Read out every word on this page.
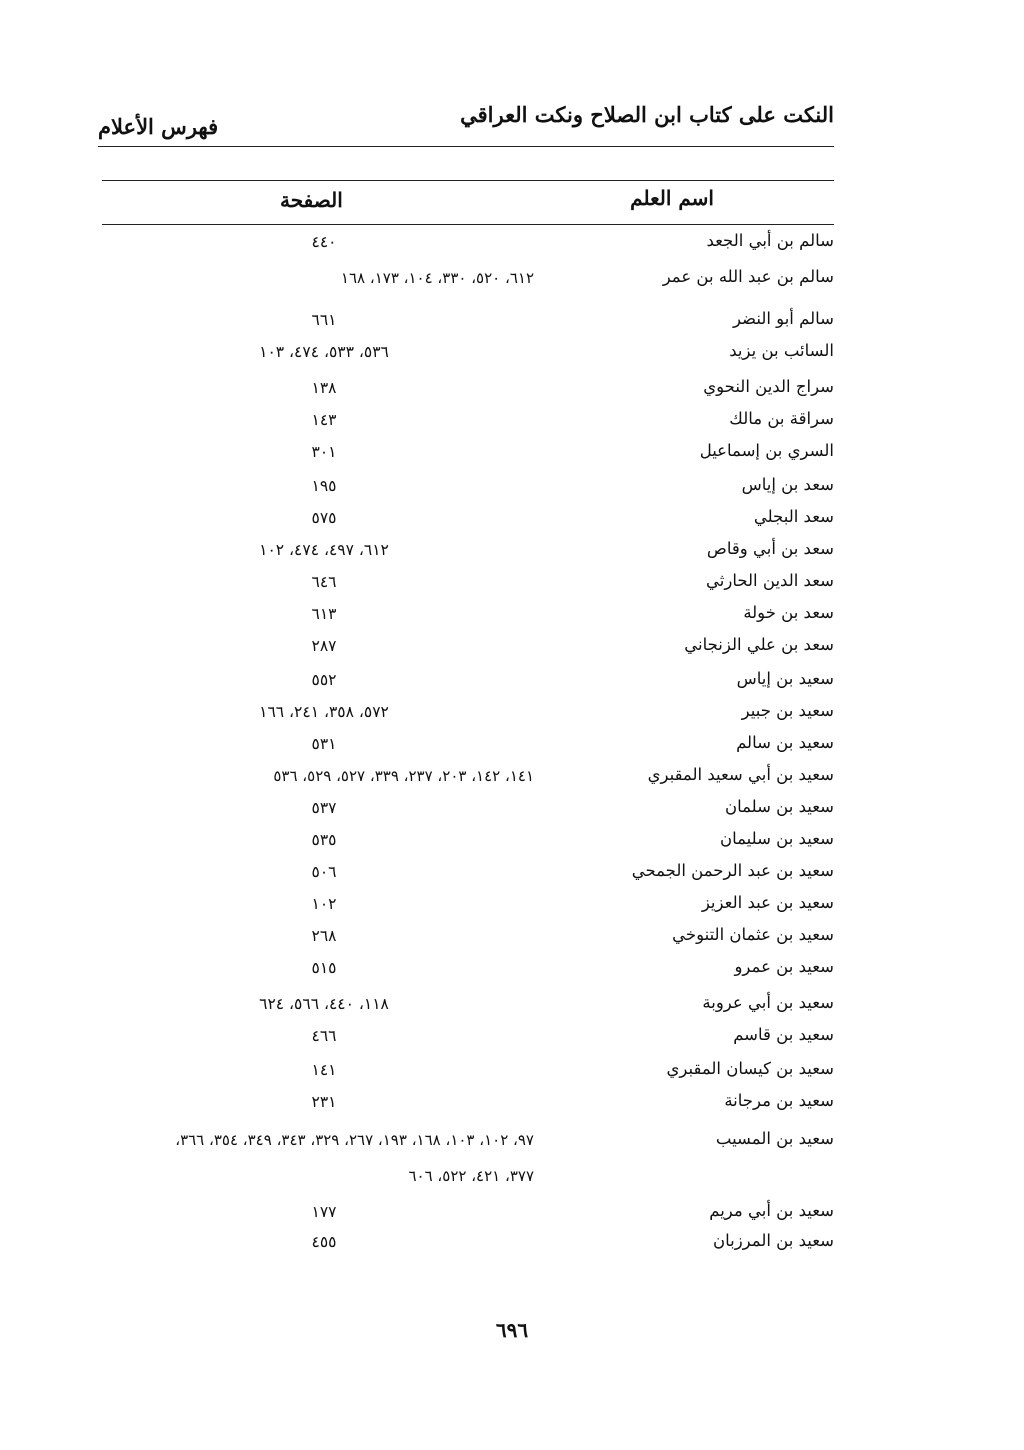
النكت على كتاب ابن الصلاح ونكت العراقي
فهرس الأعلام
اسم العلم
الصفحة
سالم بن أبي الجعد
٤٤٠
سالم بن عبد الله بن عمر
٦١٢، ٥٢٠، ٣٣٠، ١٠٤، ١٧٣، ١٦٨
سالم أبو النضر
٦٦١
السائب بن يزيد
٥٣٦، ٥٣٣، ٤٧٤، ١٠٣
سراج الدين النحوي
١٣٨
سراقة بن مالك
١٤٣
السري بن إسماعيل
٣٠١
سعد بن إياس
١٩٥
سعد البجلي
٥٧٥
سعد بن أبي وقاص
٦١٢، ٤٩٧، ٤٧٤، ١٠٢
سعد الدين الحارثي
٦٤٦
سعد بن خولة
٦١٣
سعد بن علي الزنجاني
٢٨٧
سعيد بن إياس
٥٥٢
سعيد بن جبير
٥٧٢، ٣٥٨، ٢٤١، ١٦٦
سعيد بن سالم
٥٣١
سعيد بن أبي سعيد المقبري
١٤١، ١٤٢، ٢٠٣، ٢٣٧، ٣٣٩، ٥٢٧، ٥٢٩، ٥٣٦
سعيد بن سلمان
٥٣٧
سعيد بن سليمان
٥٣٥
سعيد بن عبد الرحمن الجمحي
٥٠٦
سعيد بن عبد العزيز
١٠٢
سعيد بن عثمان التنوخي
٢٦٨
سعيد بن عمرو
٥١٥
سعيد بن أبي عروبة
١١٨، ٤٤٠، ٥٦٦، ٦٢٤
سعيد بن قاسم
٤٦٦
سعيد بن كيسان المقبري
١٤١
سعيد بن مرجانة
٢٣١
سعيد بن المسيب
٩٧، ١٠٢، ١٠٣، ١٦٨، ١٩٣، ٢٦٧، ٣٢٩، ٣٤٣، ٣٤٩، ٣٥٤، ٣٦٦،
٣٧٧، ٤٢١، ٥٢٢، ٦٠٦
سعيد بن أبي مريم
١٧٧
سعيد بن المرزبان
٤٥٥
٦٩٦
